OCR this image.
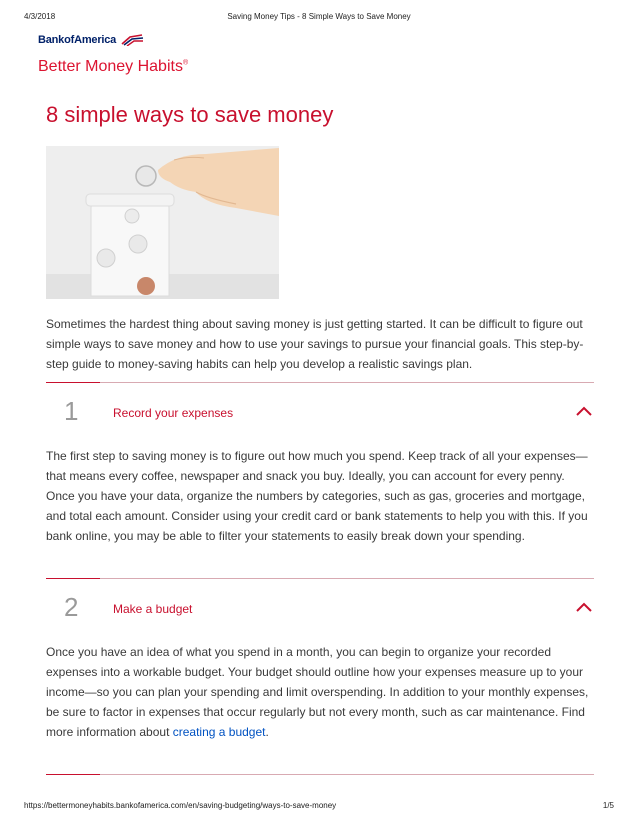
4/3/2018	Saving Money Tips - 8 Simple Ways to Save Money
BankofAmerica
Better Money Habits®
8 simple ways to save money

Sometimes the hardest thing about saving money is just getting started. It can be difficult to figure out simple ways to save money and how to use your savings to pursue your financial goals. This step-by-step guide to money-saving habits can help you develop a realistic savings plan.

1	Record your expenses

The first step to saving money is to figure out how much you spend. Keep track of all your expenses—that means every coffee, newspaper and snack you buy. Ideally, you can account for every penny. Once you have your data, organize the numbers by categories, such as gas, groceries and mortgage, and total each amount. Consider using your credit card or bank statements to help you with this. If you bank online, you may be able to filter your statements to easily break down your spending.

2	Make a budget

Once you have an idea of what you spend in a month, you can begin to organize your recorded expenses into a workable budget. Your budget should outline how your expenses measure up to your income—so you can plan your spending and limit overspending. In addition to your monthly expenses, be sure to factor in expenses that occur regularly but not every month, such as car maintenance. Find more information about creating a budget.

https://bettermoneyhabits.bankofamerica.com/en/saving-budgeting/ways-to-save-money	1/5
